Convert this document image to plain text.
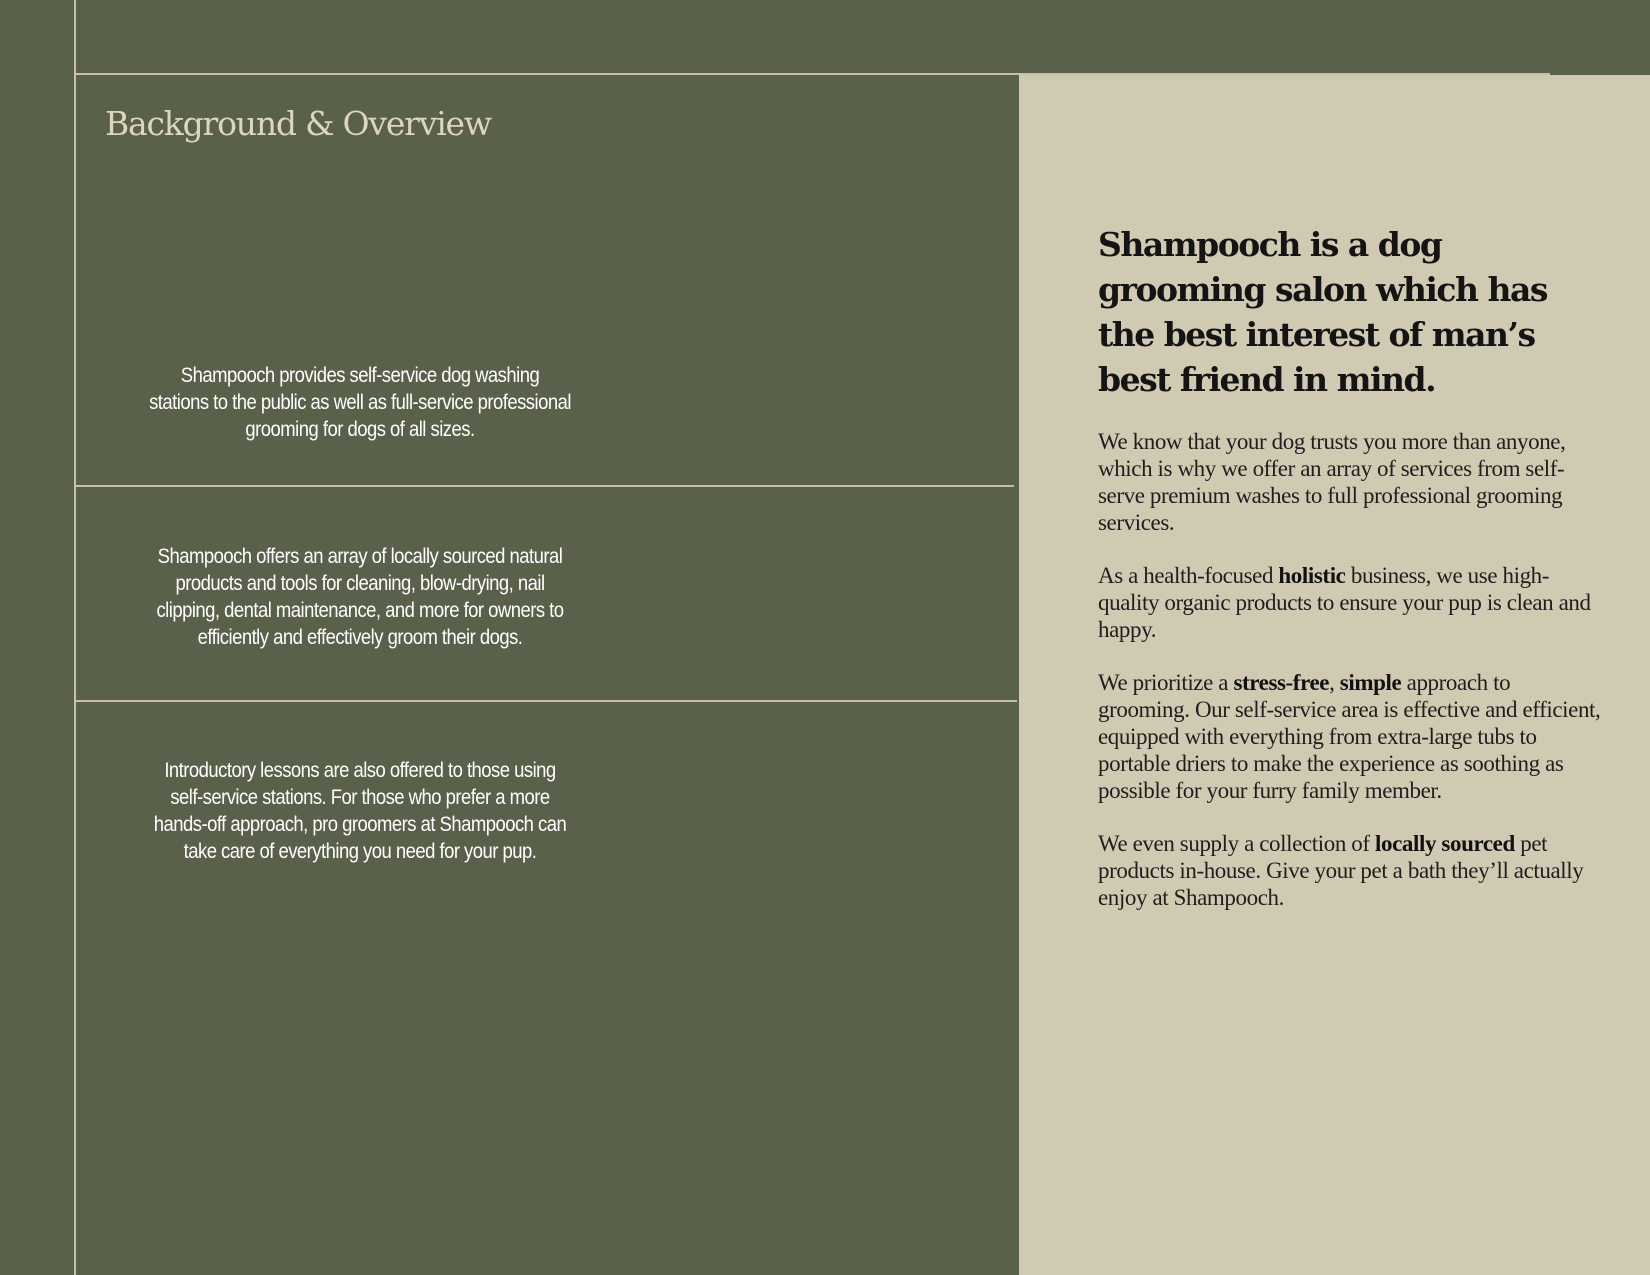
Background & Overview

Shampooch provides self-service dog washing stations to the public as well as full-service professional grooming for dogs of all sizes.

Shampooch offers an array of locally sourced natural products and tools for cleaning, blow-drying, nail clipping, dental maintenance, and more for owners to efficiently and effectively groom their dogs.

Introductory lessons are also offered to those using self-service stations. For those who prefer a more hands-off approach, pro groomers at Shampooch can take care of everything you need for your pup.

Shampooch is a dog grooming salon which has the best interest of man’s best friend in mind.

We know that your dog trusts you more than anyone, which is why we offer an array of services from self-serve premium washes to full professional grooming services.

As a health-focused holistic business, we use high-quality organic products to ensure your pup is clean and happy.

We prioritize a stress-free, simple approach to grooming. Our self-service area is effective and efficient, equipped with everything from extra-large tubs to portable driers to make the experience as soothing as possible for your furry family member.

We even supply a collection of locally sourced pet products in-house. Give your pet a bath they’ll actually enjoy at Shampooch.
